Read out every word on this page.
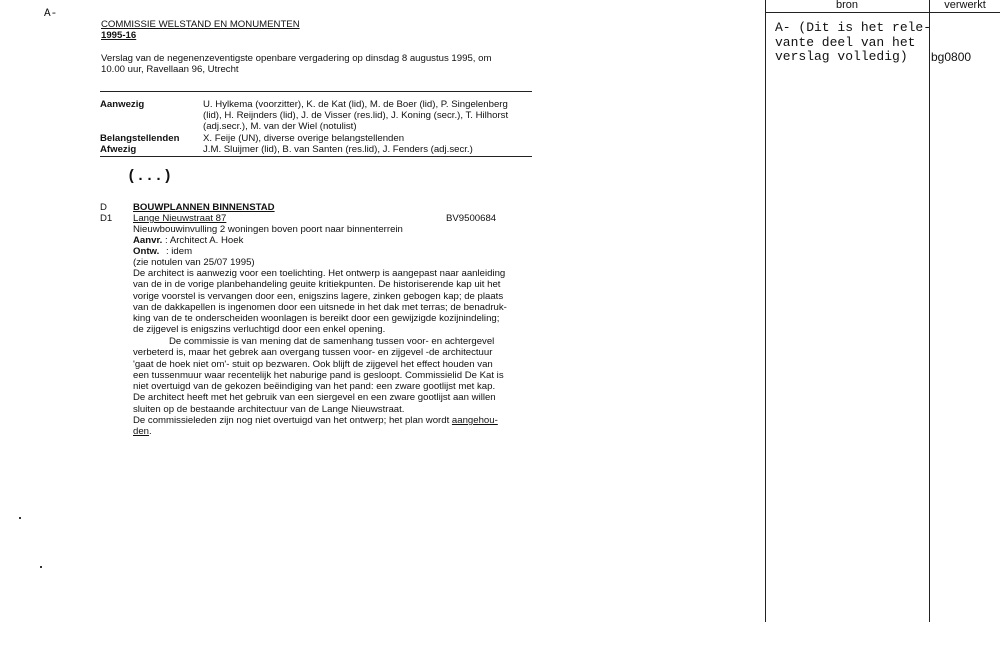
A-
COMMISSIE WELSTAND EN MONUMENTEN
1995-16
Verslag van de negenenzeventigste openbare vergadering op dinsdag 8 augustus 1995, om
10.00 uur, Ravellaan 96, Utrecht
Aanwezig	U. Hylkema (voorzitter), K. de Kat (lid), M. de Boer (lid), P. Singelenberg
(lid), H. Reijnders (lid), J. de Visser (res.lid), J. Koning (secr.), T. Hilhorst
(adj.secr.), M. van der Wiel (notulist)
Belangstellenden X. Feije (UN), diverse overige belangstellenden
Afwezig	J.M. Sluijmer (lid), B. van Santen (res.lid), J. Fenders (adj.secr.)
(...)
D	BOUWPLANNEN BINNENSTAD
D1 Lange Nieuwstraat 87	BV9500684
Nieuwbouwinvulling 2 woningen boven poort naar binnenterrein
Aanvr. : Architect A. Hoek
Ontw. : idem
(zie notulen van 25/07 1995)
De architect is aanwezig voor een toelichting. Het ontwerp is aangepast naar aanleiding
van de in de vorige planbehandeling geuite kritiekpunten. De historiserende kap uit het
vorige voorstel is vervangen door een, enigszins lagere, zinken gebogen kap; de plaats
van de dakkapellen is ingenomen door een uitsnede in het dak met terras; de benadruk-
king van de te onderscheiden woonlagen is bereikt door een gewijzigde kozijnindeling;
de zijgevel is enigszins verluchtigd door een enkel opening.
De commissie is van mening dat de samenhang tussen voor- en achtergevel
verbeterd is, maar het gebrek aan overgang tussen voor- en zijgevel -de architectuur
'gaat de hoek niet om'- stuit op bezwaren. Ook blijft de zijgevel het effect houden van
een tussenmuur waar recentelijk het naburige pand is gesloopt. Commissielid De Kat is
niet overtuigd van de gekozen beëindiging van het pand: een zware gootlijst met kap.
De architect heeft met het gebruik van een siergevel en een zware gootlijst aan willen
sluiten op de bestaande architectuur van de Lange Nieuwstraat.
De commissieleden zijn nog niet overtuigd van het ontwerp; het plan wordt aangehou-
den.
bron	verwerkt
A- (Dit is het rele-
vante deel van het
verslag volledig)	bg0800
